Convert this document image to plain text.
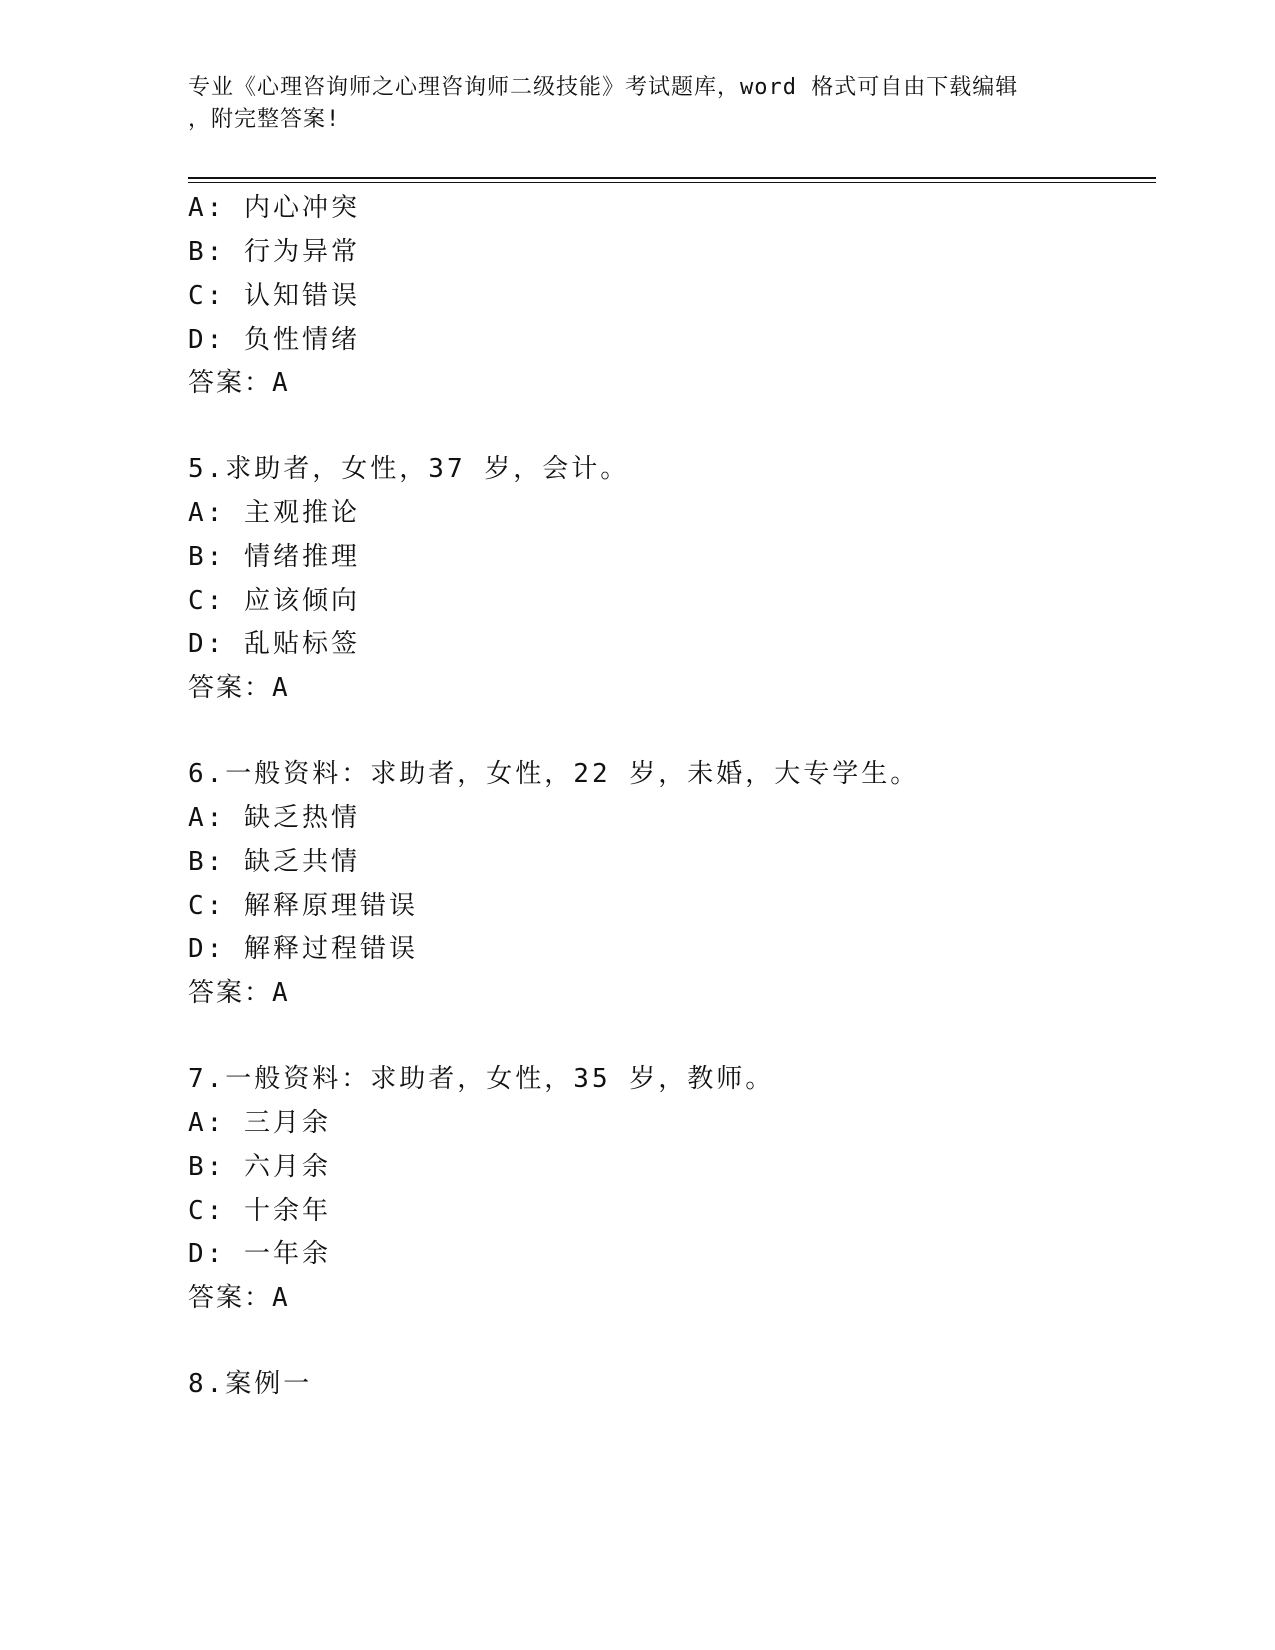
专业《心理咨询师之心理咨询师二级技能》考试题库，word 格式可自由下载编辑
，附完整答案!
A: 内心冲突
B: 行为异常
C: 认知错误
D: 负性情绪
答案：A
5.求助者，女性，37 岁，会计。
A: 主观推论
B: 情绪推理
C: 应该倾向
D: 乱贴标签
答案：A
6.一般资料：求助者，女性，22 岁，未婚，大专学生。
A: 缺乏热情
B: 缺乏共情
C: 解释原理错误
D: 解释过程错误
答案：A
7.一般资料：求助者，女性，35 岁，教师。
A: 三月余
B: 六月余
C: 十余年
D: 一年余
答案：A
8.案例一
